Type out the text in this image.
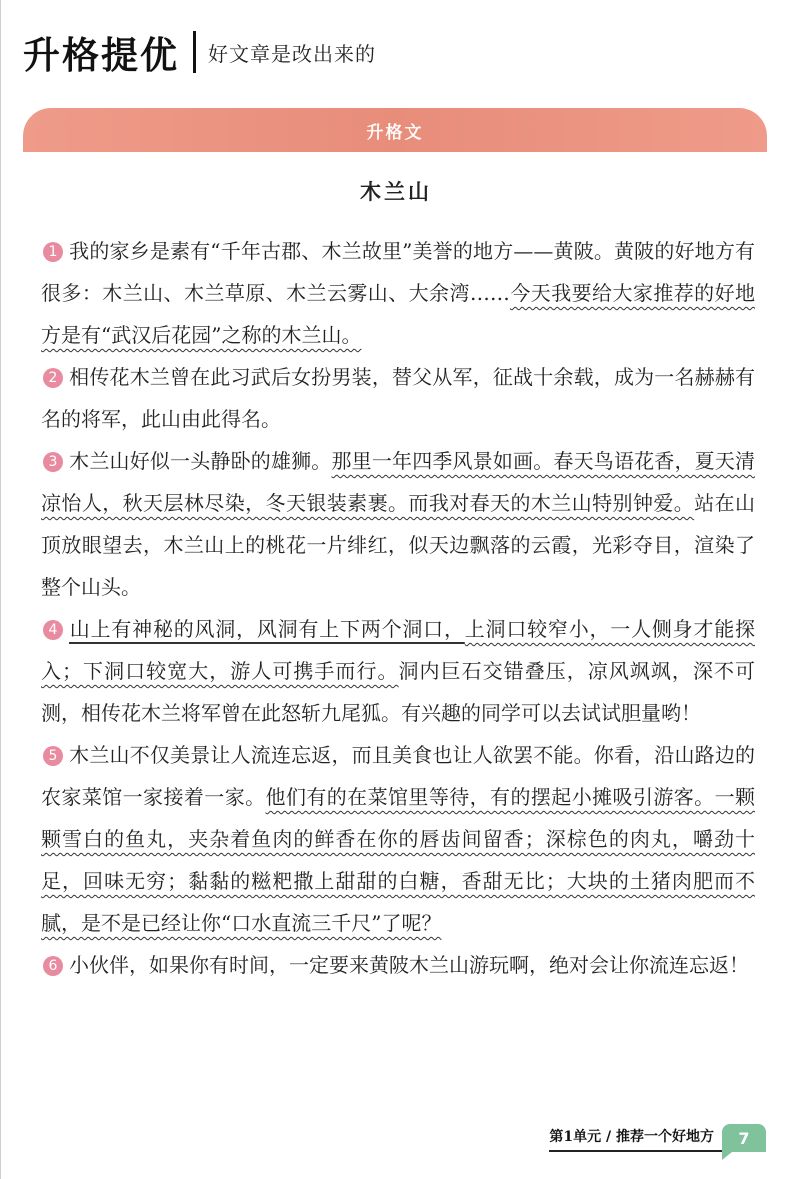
升格提优 好文章是改出来的
升格文
木兰山

1 我的家乡是素有“千年古郡、木兰故里”美誉的地方——黄陂。黄陂的好地方有很多：木兰山、木兰草原、木兰云雾山、大余湾……今天我要给大家推荐的好地方是有“武汉后花园”之称的木兰山。

2 相传花木兰曾在此习武后女扮男装，替父从军，征战十余载，成为一名赫赫有名的将军，此山由此得名。

3 木兰山好似一头静卧的雄狮。那里一年四季风景如画。春天鸟语花香，夏天清凉怡人，秋天层林尽染，冬天银装素裹。而我对春天的木兰山特别钟爱。站在山顶放眼望去，木兰山上的桃花一片绯红，似天边飘落的云霞，光彩夺目，渲染了整个山头。

4 山上有神秘的风洞，风洞有上下两个洞口，上洞口较窄小，一人侧身才能探入；下洞口较宽大，游人可携手而行。洞内巨石交错叠压，凉风飒飒，深不可测，相传花木兰将军曾在此怒斩九尾狐。有兴趣的同学可以去试试胆量哟！

5 木兰山不仅美景让人流连忘返，而且美食也让人欲罢不能。你看，沿山路边的农家菜馆一家接着一家。他们有的在菜馆里等待，有的摆起小摊吸引游客。一颗颗雪白的鱼丸，夹杂着鱼肉的鲜香在你的唇齿间留香；深棕色的肉丸，嚼劲十足，回味无穷；黏黏的糍粑撒上甜甜的白糖，香甜无比；大块的土猪肉肥而不腻，是不是已经让你“口水直流三千尺”了呢？

6 小伙伴，如果你有时间，一定要来黄陂木兰山游玩啊，绝对会让你流连忘返！

第1单元 / 推荐一个好地方	7
